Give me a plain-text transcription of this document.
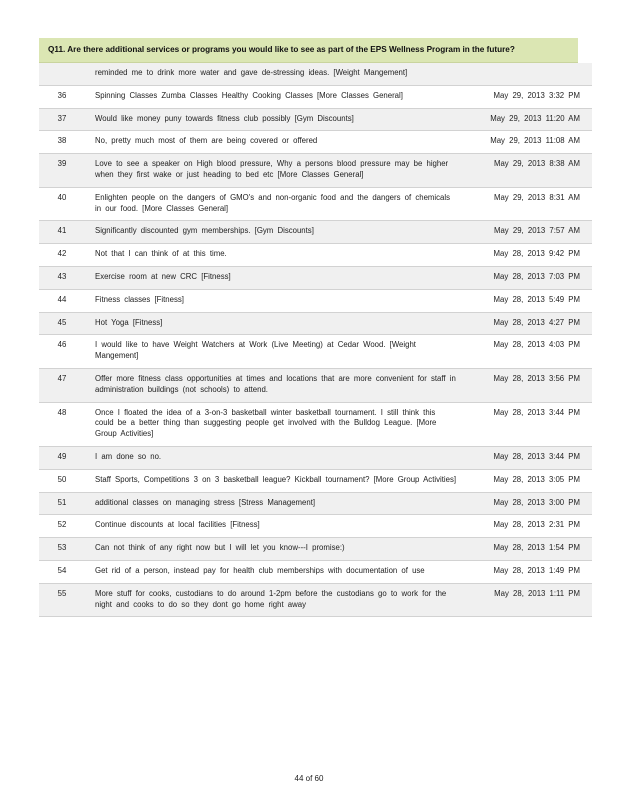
Q11. Are there additional services or programs you would like to see as part of the EPS Wellness Program in the future?
	reminded me to drink more water and gave de-stressing ideas. [Weight Mangement]	
36	Spinning Classes Zumba Classes Healthy Cooking Classes [More Classes General]	May 29, 2013 3:32 PM
37	Would like money puny towards fitness club possibly [Gym Discounts]	May 29, 2013 11:20 AM
38	No, pretty much most of them are being covered or offered	May 29, 2013 11:08 AM
39	Love to see a speaker on High blood pressure, Why a persons blood pressure may be higher when they first wake or just heading to bed etc [More Classes General]	May 29, 2013 8:38 AM
40	Enlighten people on the dangers of GMO's and non-organic food and the dangers of chemicals in our food. [More Classes General]	May 29, 2013 8:31 AM
41	Significantly discounted gym memberships. [Gym Discounts]	May 29, 2013 7:57 AM
42	Not that I can think of at this time.	May 28, 2013 9:42 PM
43	Exercise room at new CRC [Fitness]	May 28, 2013 7:03 PM
44	Fitness classes [Fitness]	May 28, 2013 5:49 PM
45	Hot Yoga [Fitness]	May 28, 2013 4:27 PM
46	I would like to have Weight Watchers at Work (Live Meeting) at Cedar Wood. [Weight Mangement]	May 28, 2013 4:03 PM
47	Offer more fitness class opportunities at times and locations that are more convenient for staff in administration buildings (not schools) to attend.	May 28, 2013 3:56 PM
48	Once I floated the idea of a 3-on-3 basketball winter basketball tournament. I still think this could be a better thing than suggesting people get involved with the Bulldog League. [More Group Activities]	May 28, 2013 3:44 PM
49	I am done so no.	May 28, 2013 3:44 PM
50	Staff Sports, Competitions 3 on 3 basketball league? Kickball tournament? [More Group Activities]	May 28, 2013 3:05 PM
51	additional classes on managing stress [Stress Management]	May 28, 2013 3:00 PM
52	Continue discounts at local facilities [Fitness]	May 28, 2013 2:31 PM
53	Can not think of any right now but I will let you know---I promise:)	May 28, 2013 1:54 PM
54	Get rid of a person, instead pay for health club memberships with documentation of use	May 28, 2013 1:49 PM
55	More stuff for cooks, custodians to do around 1-2pm before the custodians go to work for the night and cooks to do so they dont go home right away	May 28, 2013 1:11 PM
44 of 60
